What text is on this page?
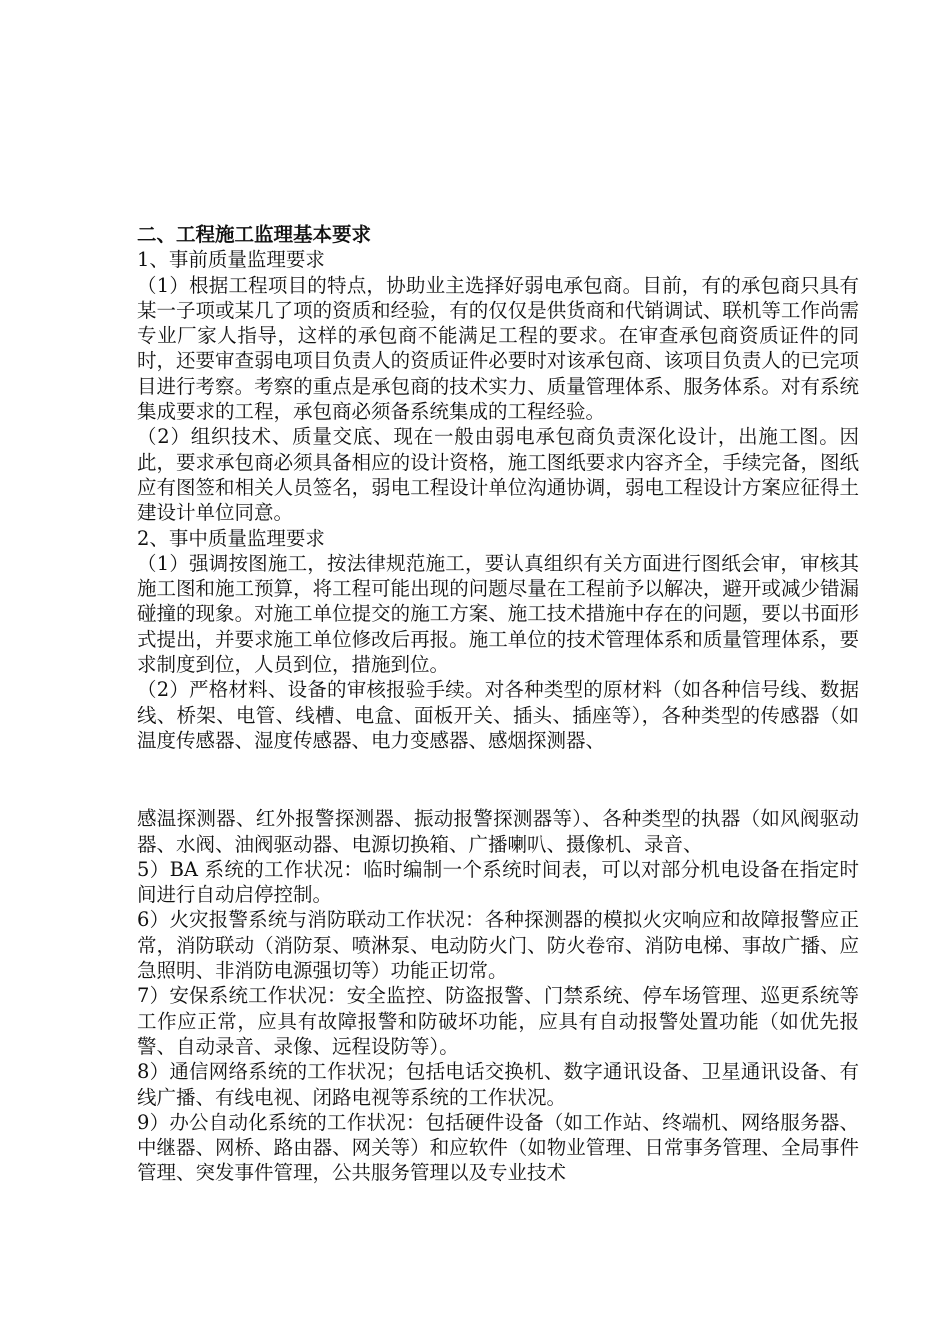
二、工程施工监理基本要求

1、事前质量监理要求

（1）根据工程项目的特点，协助业主选择好弱电承包商。目前，有的承包商只具有某一子项或某几了项的资质和经验，有的仅仅是供货商和代销调试、联机等工作尚需专业厂家人指导，这样的承包商不能满足工程的要求。在审查承包商资质证件的同时，还要审查弱电项目负责人的资质证件必要时对该承包商、该项目负责人的已完项目进行考察。考察的重点是承包商的技术实力、质量管理体系、服务体系。对有系统集成要求的工程，承包商必须备系统集成的工程经验。

（2）组织技术、质量交底、现在一般由弱电承包商负责深化设计，出施工图。因此，要求承包商必须具备相应的设计资格，施工图纸要求内容齐全，手续完备，图纸应有图签和相关人员签名，弱电工程设计单位沟通协调，弱电工程设计方案应征得土建设计单位同意。

2、事中质量监理要求

（1）强调按图施工，按法律规范施工，要认真组织有关方面进行图纸会审，审核其施工图和施工预算，将工程可能出现的问题尽量在工程前予以解决，避开或减少错漏碰撞的现象。对施工单位提交的施工方案、施工技术措施中存在的问题，要以书面形式提出，并要求施工单位修改后再报。施工单位的技术管理体系和质量管理体系，要求制度到位，人员到位，措施到位。

（2）严格材料、设备的审核报验手续。对各种类型的原材料（如各种信号线、数据线、桥架、电管、线槽、电盒、面板开关、插头、插座等），各种类型的传感器（如温度传感器、湿度传感器、电力变感器、感烟探测器、

感温探测器、红外报警探测器、振动报警探测器等）、各种类型的执器（如风阀驱动器、水阀、油阀驱动器、电源切换箱、广播喇叭、摄像机、录音、

5）BA 系统的工作状况：临时编制一个系统时间表，可以对部分机电设备在指定时间进行自动启停控制。

6）火灾报警系统与消防联动工作状况：各种探测器的模拟火灾响应和故障报警应正常，消防联动（消防泵、喷淋泵、电动防火门、防火卷帘、消防电梯、事故广播、应急照明、非消防电源强切等）功能正切常。

7）安保系统工作状况：安全监控、防盗报警、门禁系统、停车场管理、巡更系统等工作应正常，应具有故障报警和防破坏功能，应具有自动报警处置功能（如优先报警、自动录音、录像、远程设防等）。

8）通信网络系统的工作状况；包括电话交换机、数字通讯设备、卫星通讯设备、有线广播、有线电视、闭路电视等系统的工作状况。

9）办公自动化系统的工作状况：包括硬件设备（如工作站、终端机、网络服务器、中继器、网桥、路由器、网关等）和应软件（如物业管理、日常事务管理、全局事件管理、突发事件管理，公共服务管理以及专业技术
